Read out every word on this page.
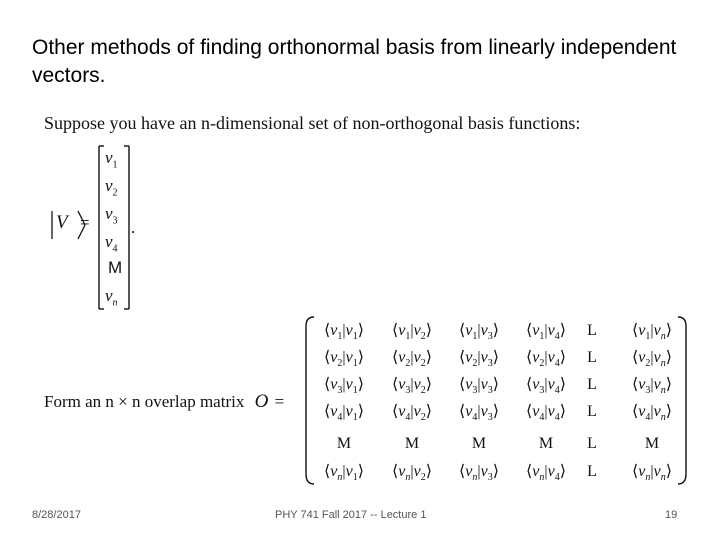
Other methods of finding orthonormal basis from linearly independent vectors.
Suppose you have an n-dimensional set of non-orthogonal basis functions:
V =
$v_1$
$v_2$
$v_3$
$v_4$
M
$v_n$
.
Form an n × n overlap matrix O =
$⟨v_1|v_1⟩$ $⟨v_1|v_2⟩$ $⟨v_1|v_3⟩$ $⟨v_1|v_4⟩$ L $⟨v_1|v_n⟩$
$⟨v_2|v_1⟩$ $⟨v_2|v_2⟩$ $⟨v_2|v_3⟩$ $⟨v_2|v_4⟩$ L $⟨v_2|v_n⟩$
$⟨v_3|v_1⟩$ $⟨v_3|v_2⟩$ $⟨v_3|v_3⟩$ $⟨v_3|v_4⟩$ L $⟨v_3|v_n⟩$
$⟨v_4|v_1⟩$ $⟨v_4|v_2⟩$ $⟨v_4|v_3⟩$ $⟨v_4|v_4⟩$ L $⟨v_4|v_n⟩$
M	M	M	M L	M
$⟨v_n|v_1⟩$ $⟨v_n|v_2⟩$ $⟨v_n|v_3⟩$ $⟨v_n|v_4⟩$ L $⟨v_n|v_n⟩$
8/28/2017	PHY 741 Fall 2017 -- Lecture 1	19
